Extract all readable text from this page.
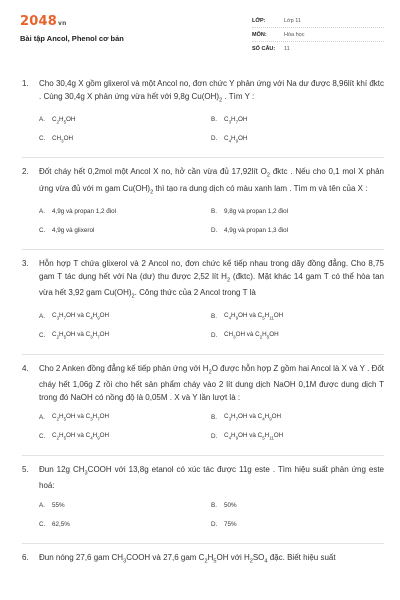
2048vn
Bài tập Ancol, Phenol cơ bản
LỚP:	Lớp 11
MÔN:	Hóa học
SỐ CÂU:	11
1.	Cho 30,4g X gồm glixerol và một Ancol no, đơn chức Y phản ứng với Na dư được 8,96lít khí đktc . Cùng 30,4g X phản ứng vừa hết với 9,8g $Cu(OH)_2$ . Tìm Y :
A.	$C_2H_5OH$	B.	$C_3H_7OH$
C.	$CH_3OH$	D.	$C_4H_9OH$
2.	Đốt cháy hết 0,2mol một Ancol X no, hở cần vừa đủ 17,92lít $O_2$ đktc . Nếu cho 0,1 mol X phản ứng vừa đủ với m gam $Cu(OH)_2$ thì tạo ra dung dịch có màu xanh lam . Tìm m và tên của X :
A.	4,9g và propan 1,2 điol	B.	9,8g và propan 1,2 điol
C.	4,9g và glixerol	D.	4,9g và propan 1,3 điol
3.	Hỗn hợp T chứa glixerol và 2 Ancol no, đơn chức kế tiếp nhau trong dãy đồng đẳng. Cho 8,75 gam T tác dụng hết với Na (dư) thu được 2,52 lít $H_2$ (đktc). Mặt khác 14 gam T có thể hòa tan vừa hết 3,92 gam $Cu(OH)_2$. Công thức của 2 Ancol trong T là
A.	$C_3H_7OH$ và $C_4H_9OH$	B.	$C_4H_9OH$ và $C_5H_{11}OH$
C.	$C_2H_5OH$ và $C_3H_7OH$	D.	$CH_3OH$ và $C_2H_5OH$
4.	Cho 2 Anken đồng đẳng kế tiếp phản ứng với $H_2O$ được hỗn hợp Z gồm hai Ancol là X và Y . Đốt cháy hết 1,06g Z rồi cho hết sản phẩm cháy vào 2 lít dung dịch NaOH 0,1M được dung dịch T trong đó NaOH có nồng độ là 0,05M . X và Y lần lượt là :
A.	$C_2H_5OH$ và $C_3H_7OH$	B.	$C_3H_7OH$ và $C_4H_9OH$
C.	$C_2H_5OH$ và $C_4H_9OH$	D.	$C_4H_9OH$ và $C_5H_{11}OH$
5.	Đun 12g $CH_3COOH$ với 13,8g etanol có xúc tác được 11g este . Tìm hiệu suất phản ứng este hoá:
A.	55%	B.	50%
C.	62,5%	D.	75%
6.	Đun nóng 27,6 gam $CH_3COOH$ và 27,6 gam $C_2H_5OH$ với $H_2SO_4$ đặc. Biết hiệu suất
